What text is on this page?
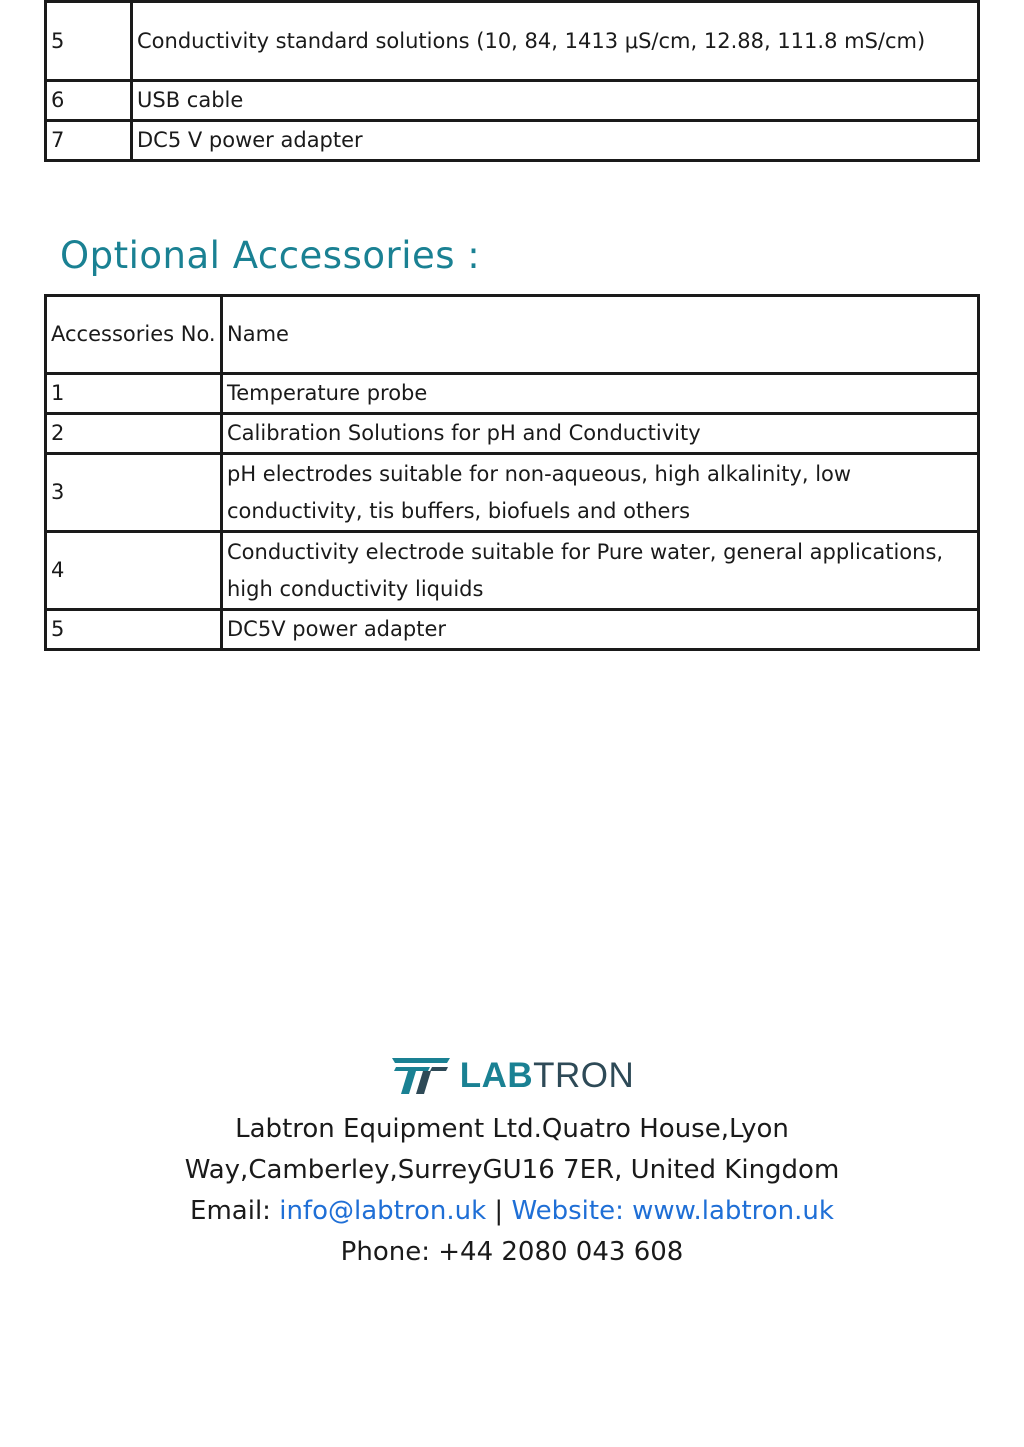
5	Conductivity standard solutions (10, 84, 1413 μS/cm, 12.88, 111.8 mS/cm)
6	USB cable
7	DC5 V power adapter
Optional Accessories :
Accessories No.	Name
1	Temperature probe
2	Calibration Solutions for pH and Conductivity
3	pH electrodes suitable for non-aqueous, high alkalinity, low conductivity, tis buffers, biofuels and others
4	Conductivity electrode suitable for Pure water, general applications, high conductivity liquids
5	DC5V power adapter
LABTRON
Labtron Equipment Ltd.Quatro House,Lyon
Way,Camberley,SurreyGU16 7ER, United Kingdom
Email: info@labtron.uk | Website: www.labtron.uk
Phone: +44 2080 043 608
